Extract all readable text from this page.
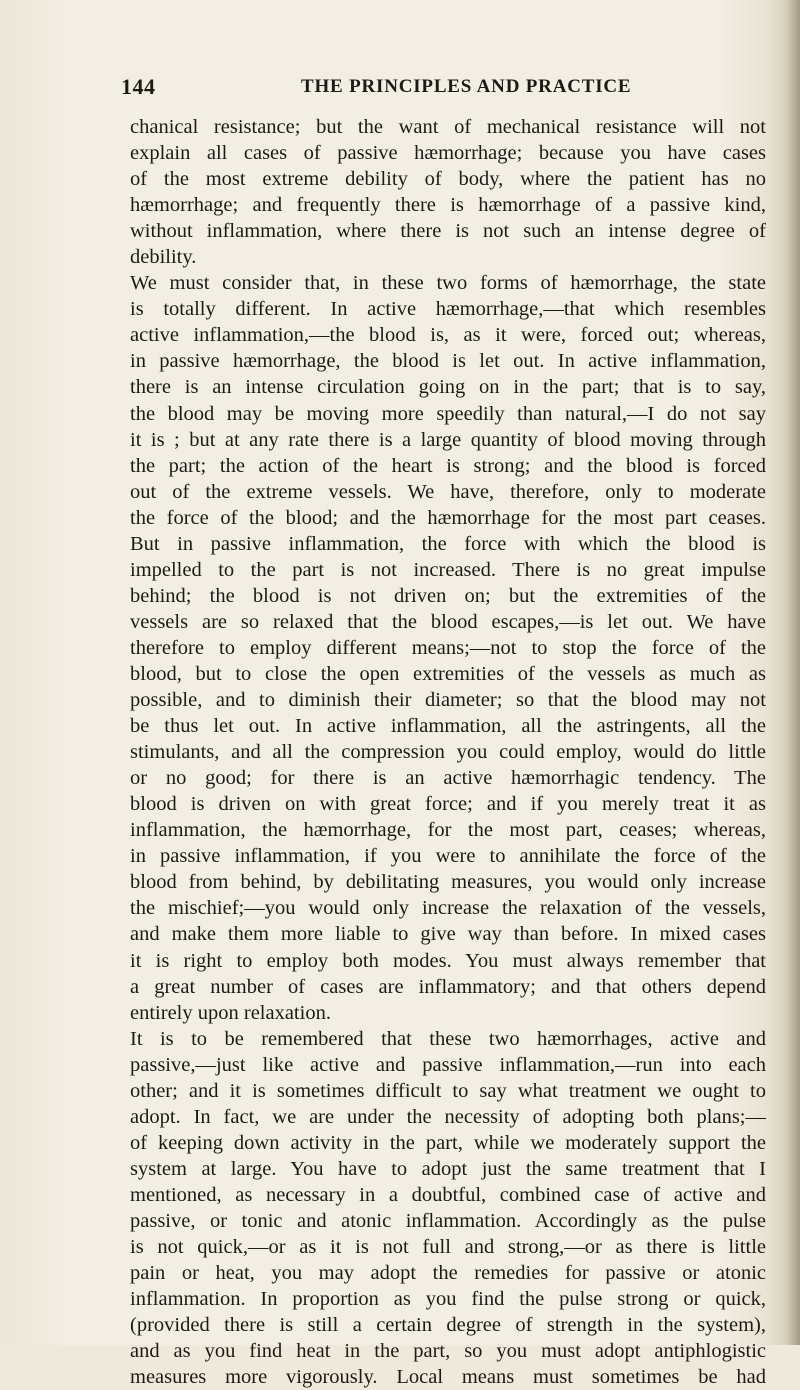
144	THE PRINCIPLES AND PRACTICE
chanical resistance; but the want of mechanical resistance will not
explain all cases of passive hæmorrhage; because you have cases
of the most extreme debility of body, where the patient has no
hæmorrhage; and frequently there is hæmorrhage of a passive kind,
without inflammation, where there is not such an intense degree of
debility.
We must consider that, in these two forms of hæmorrhage, the state
is totally different. In active hæmorrhage,—that which resembles
active inflammation,—the blood is, as it were, forced out; whereas,
in passive hæmorrhage, the blood is let out. In active inflammation,
there is an intense circulation going on in the part; that is to say,
the blood may be moving more speedily than natural,—I do not say
it is ; but at any rate there is a large quantity of blood moving through
the part; the action of the heart is strong; and the blood is forced
out of the extreme vessels. We have, therefore, only to moderate
the force of the blood; and the hæmorrhage for the most part ceases.
But in passive inflammation, the force with which the blood is
impelled to the part is not increased. There is no great impulse
behind; the blood is not driven on; but the extremities of the
vessels are so relaxed that the blood escapes,—is let out. We have
therefore to employ different means;—not to stop the force of the
blood, but to close the open extremities of the vessels as much as
possible, and to diminish their diameter; so that the blood may not
be thus let out. In active inflammation, all the astringents, all the
stimulants, and all the compression you could employ, would do little
or no good; for there is an active hæmorrhagic tendency. The
blood is driven on with great force; and if you merely treat it as
inflammation, the hæmorrhage, for the most part, ceases; whereas,
in passive inflammation, if you were to annihilate the force of the
blood from behind, by debilitating measures, you would only increase
the mischief;—you would only increase the relaxation of the vessels,
and make them more liable to give way than before. In mixed cases
it is right to employ both modes. You must always remember that
a great number of cases are inflammatory; and that others depend
entirely upon relaxation.
It is to be remembered that these two hæmorrhages, active and
passive,—just like active and passive inflammation,—run into each
other; and it is sometimes difficult to say what treatment we ought to
adopt. In fact, we are under the necessity of adopting both plans;—
of keeping down activity in the part, while we moderately support the
system at large. You have to adopt just the same treatment that I
mentioned, as necessary in a doubtful, combined case of active and
passive, or tonic and atonic inflammation. Accordingly as the pulse
is not quick,—or as it is not full and strong,—or as there is little
pain or heat, you may adopt the remedies for passive or atonic
inflammation. In proportion as you find the pulse strong or quick,
(provided there is still a certain degree of strength in the system),
and as you find heat in the part, so you must adopt antiphlogistic
measures more vigorously. Local means must sometimes be had
